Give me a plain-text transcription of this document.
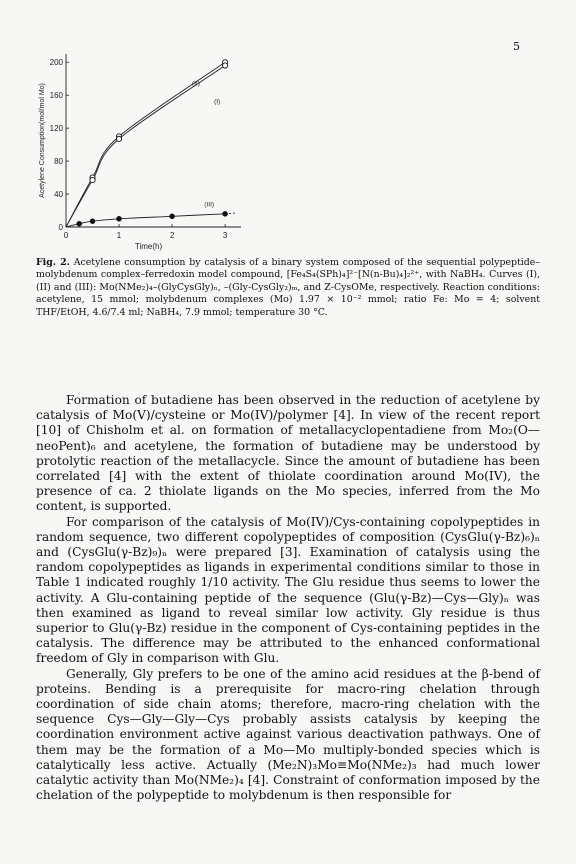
5
0	1	2	3
0
40
80
120
160
200
Time(h)
Acetylene Consumption(mol/mol Mo)	(II)
(I)
(III)
Fig. 2. Acetylene consumption by catalysis of a binary system composed of the sequential polypeptide–molybdenum complex–ferredoxin model compound, [Fe₄S₄(SPh)₄]²⁻[N(n-Bu)₄]₂²⁺, with NaBH₄. Curves (I), (II) and (III): Mo(NMe₂)₄–(GlyCysGly)ₙ, –(Gly-CysGly₂)ₘ, and Z-CysOMe, respectively. Reaction conditions: acetylene, 15 mmol; molybdenum complexes (Mo) 1.97 × 10⁻² mmol; ratio Fe: Mo = 4; solvent THF/EtOH, 4.6/7.4 ml; NaBH₄, 7.9 mmol; temperature 30 °C.

Formation of butadiene has been observed in the reduction of acetylene by catalysis of Mo(V)/cysteine or Mo(IV)/polymer [4]. In view of the recent report [10] of Chisholm et al. on formation of metallacyclopentadiene from Mo₂(O—neoPent)₆ and acetylene, the formation of butadiene may be understood by protolytic reaction of the metallacycle. Since the amount of butadiene has been correlated [4] with the extent of thiolate coordination around Mo(IV), the presence of ca. 2 thiolate ligands on the Mo species, inferred from the Mo content, is supported.

For comparison of the catalysis of Mo(IV)/Cys-containing copolypeptides in random sequence, two different copolypeptides of composition (CysGlu(γ-Bz)₆)ₙ and (CysGlu(γ-Bz)₉)ₙ were prepared [3]. Examination of catalysis using the random copolypeptides as ligands in experimental conditions similar to those in Table 1 indicated roughly 1/10 activity. The Glu residue thus seems to lower the activity. A Glu-containing peptide of the sequence (Glu(γ-Bz)—Cys—Gly)ₙ was then examined as ligand to reveal similar low activity. Gly residue is thus superior to Glu(γ-Bz) residue in the component of Cys-containing peptides in the catalysis. The difference may be attributed to the enhanced conformational freedom of Gly in comparison with Glu.

Generally, Gly prefers to be one of the amino acid residues at the β-bend of proteins. Bending is a prerequisite for macro-ring chelation through coordination of side chain atoms; therefore, macro-ring chelation with the sequence Cys—Gly—Gly—Cys probably assists catalysis by keeping the coordination environment active against various deactivation pathways. One of them may be the formation of a Mo—Mo multiply-bonded species which is catalytically less active. Actually (Me₂N)₃Mo≡Mo(NMe₂)₃ had much lower catalytic activity than Mo(NMe₂)₄ [4]. Constraint of conformation imposed by the chelation of the polypeptide to molybdenum is then responsible for
